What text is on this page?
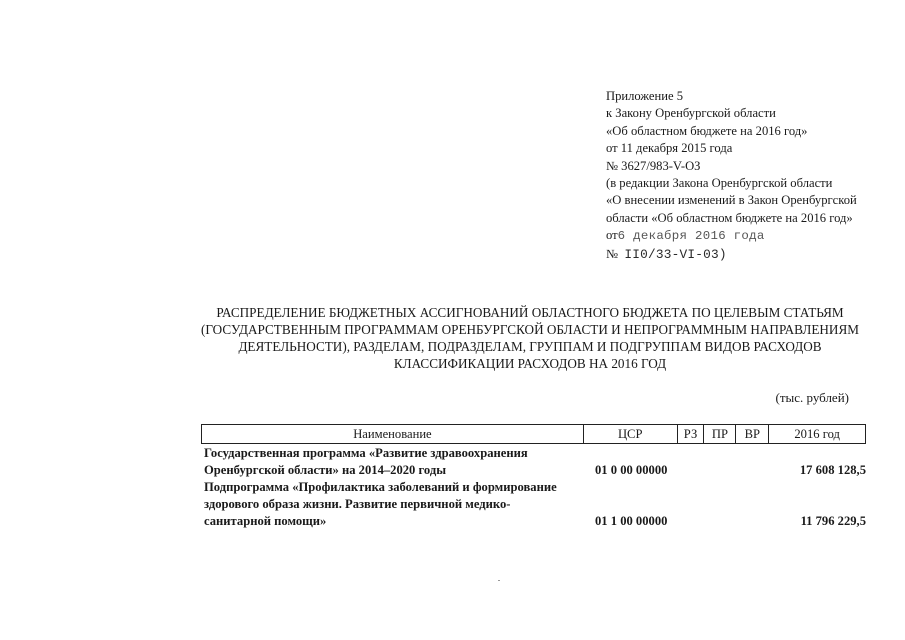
Приложение 5
к Закону Оренбургской области
«Об областном бюджете на 2016 год»
от 11 декабря 2015 года
№ 3627/983-V-ОЗ
(в редакции Закона Оренбургской области
«О внесении изменений в Закон Оренбургской
области «Об областном бюджете на 2016 год»
от6 декабря 2016 года
№ II0/33-VI-03)
РАСПРЕДЕЛЕНИЕ БЮДЖЕТНЫХ АССИГНОВАНИЙ ОБЛАСТНОГО БЮДЖЕТА ПО ЦЕЛЕВЫМ СТАТЬЯМ
(ГОСУДАРСТВЕННЫМ ПРОГРАММАМ ОРЕНБУРГСКОЙ ОБЛАСТИ И НЕПРОГРАММНЫМ НАПРАВЛЕНИЯМ
ДЕЯТЕЛЬНОСТИ), РАЗДЕЛАМ, ПОДРАЗДЕЛАМ, ГРУППАМ И ПОДГРУППАМ ВИДОВ РАСХОДОВ
КЛАССИФИКАЦИИ РАСХОДОВ НА 2016 ГОД
(тыс. рублей)
Наименование	ЦСР	РЗ	ПР	ВР	2016 год
Государственная программа «Развитие здравоохранения
Оренбургской области» на 2014–2020 годы	01 0 00 00000	17 608 128,5
Подпрограмма «Профилактика заболеваний и формирование
здорового образа жизни. Развитие первичной медико-
санитарной помощи»	01 1 00 00000	11 796 229,5
